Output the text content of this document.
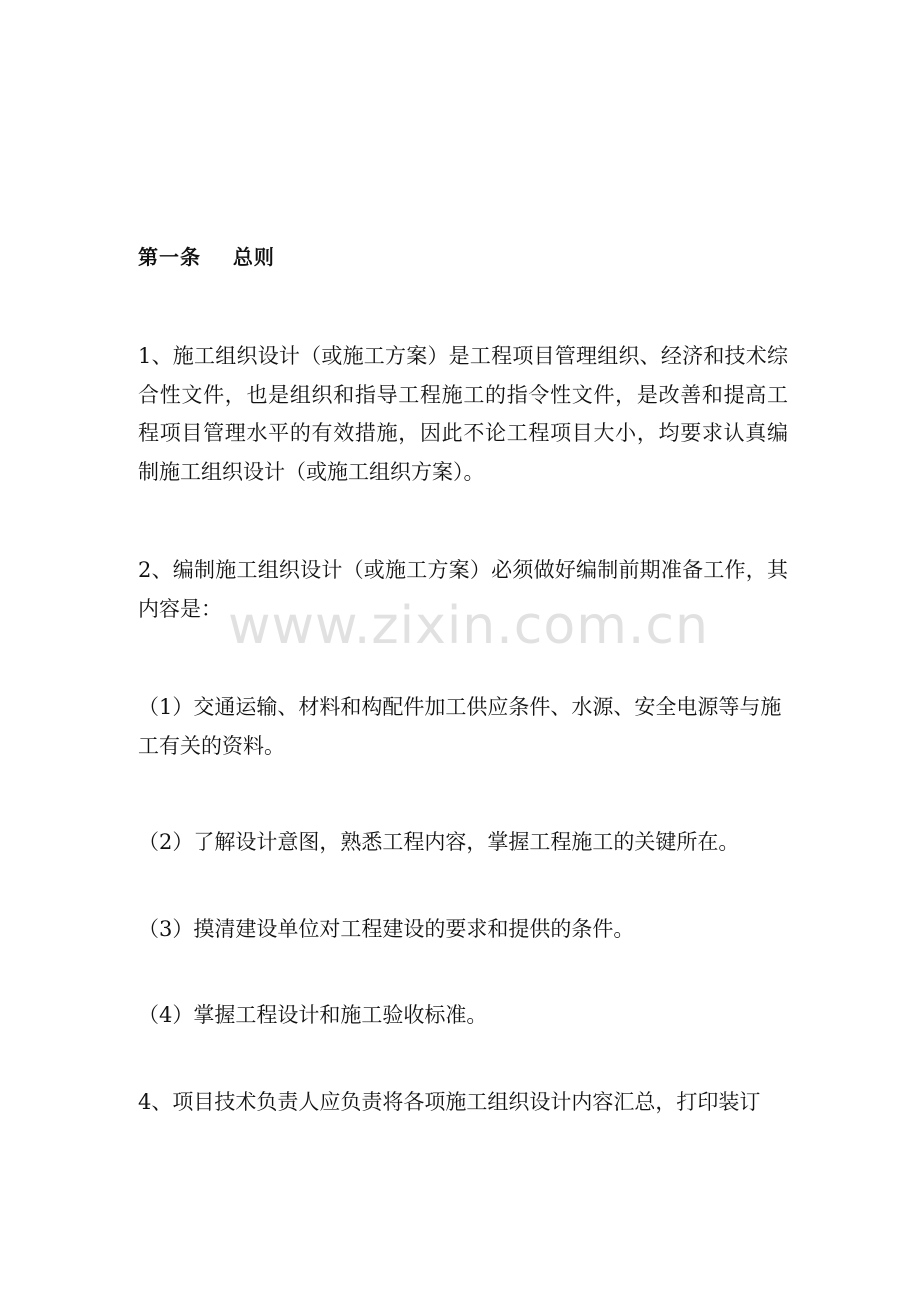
第一条    总则

1、施工组织设计（或施工方案）是工程项目管理组织、经济和技术综合性文件，也是组织和指导工程施工的指令性文件，是改善和提高工程项目管理水平的有效措施，因此不论工程项目大小，均要求认真编制施工组织设计（或施工组织方案）。

2、编制施工组织设计（或施工方案）必须做好编制前期准备工作，其内容是：

（1）交通运输、材料和构配件加工供应条件、水源、安全电源等与施工有关的资料。

（2）了解设计意图，熟悉工程内容，掌握工程施工的关键所在。

（3）摸清建设单位对工程建设的要求和提供的条件。

（4）掌握工程设计和施工验收标准。

4、项目技术负责人应负责将各项施工组织设计内容汇总，打印装订

www.zixin.com.cn
